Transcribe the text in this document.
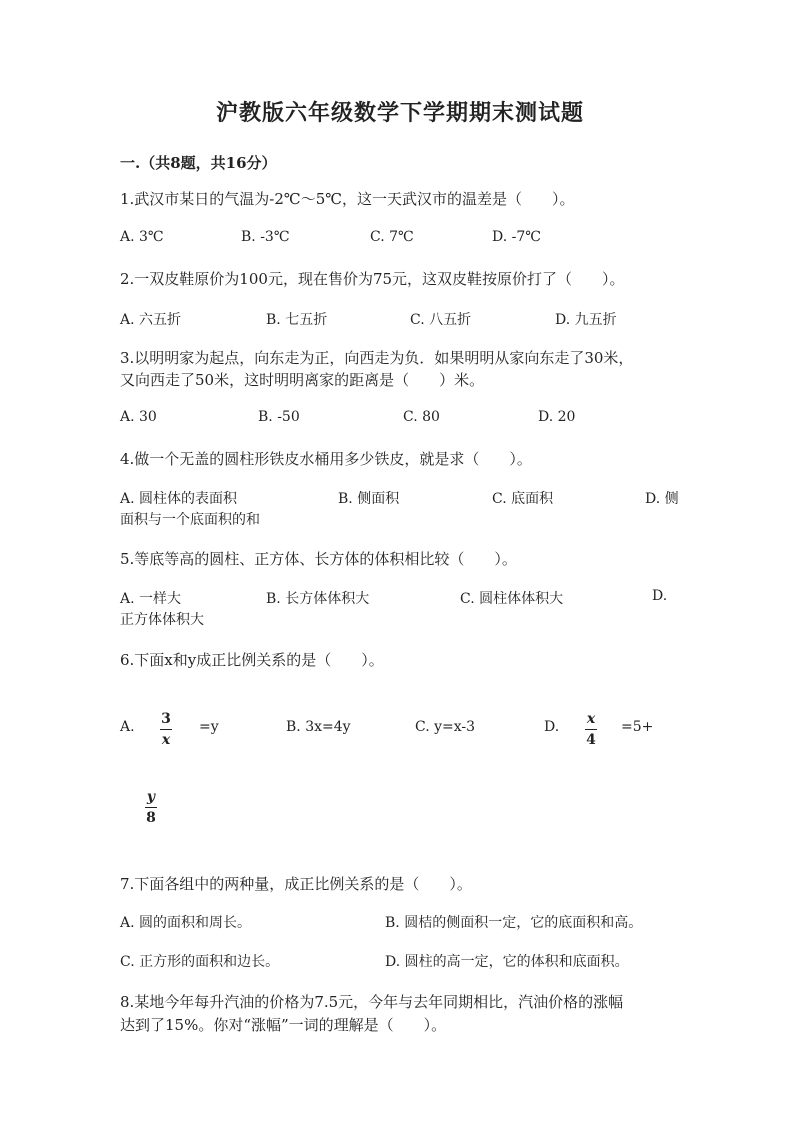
沪教版六年级数学下学期期末测试题
一.（共8题，共16分）
1.武汉市某日的气温为-2℃～5℃，这一天武汉市的温差是（　　）。
A. 3℃	B. -3℃	C. 7℃	D. -7℃
2.一双皮鞋原价为100元，现在售价为75元，这双皮鞋按原价打了（　　）。
A. 六五折	B. 七五折	C. 八五折	D. 九五折
3.以明明家为起点，向东走为正，向西走为负．如果明明从家向东走了30米，
又向西走了50米，这时明明离家的距离是（　　）米。
A. 30	B. -50	C. 80	D. 20
4.做一个无盖的圆柱形铁皮水桶用多少铁皮，就是求（　　）。
A. 圆柱体的表面积	B. 侧面积	C. 底面积	D. 侧
面积与一个底面积的和
5.等底等高的圆柱、正方体、长方体的体积相比较（　　）。
A. 一样大	B. 长方体体积大	C. 圆柱体体积大	D.
正方体体积大
6.下面x和y成正比例关系的是（　　）。
A. 3
x
=y	B. 3x=4y	C. y=x-3	D. x
4
=5+
y
8
7.下面各组中的两种量，成正比例关系的是（　　）。
A. 圆的面积和周长。	B. 圆桔的侧面积一定，它的底面积和高。
C. 正方形的面积和边长。	D. 圆柱的高一定，它的体积和底面积。
8.某地今年每升汽油的价格为7.5元，今年与去年同期相比，汽油价格的涨幅
达到了15%。你对“涨幅”一词的理解是（　　）。
